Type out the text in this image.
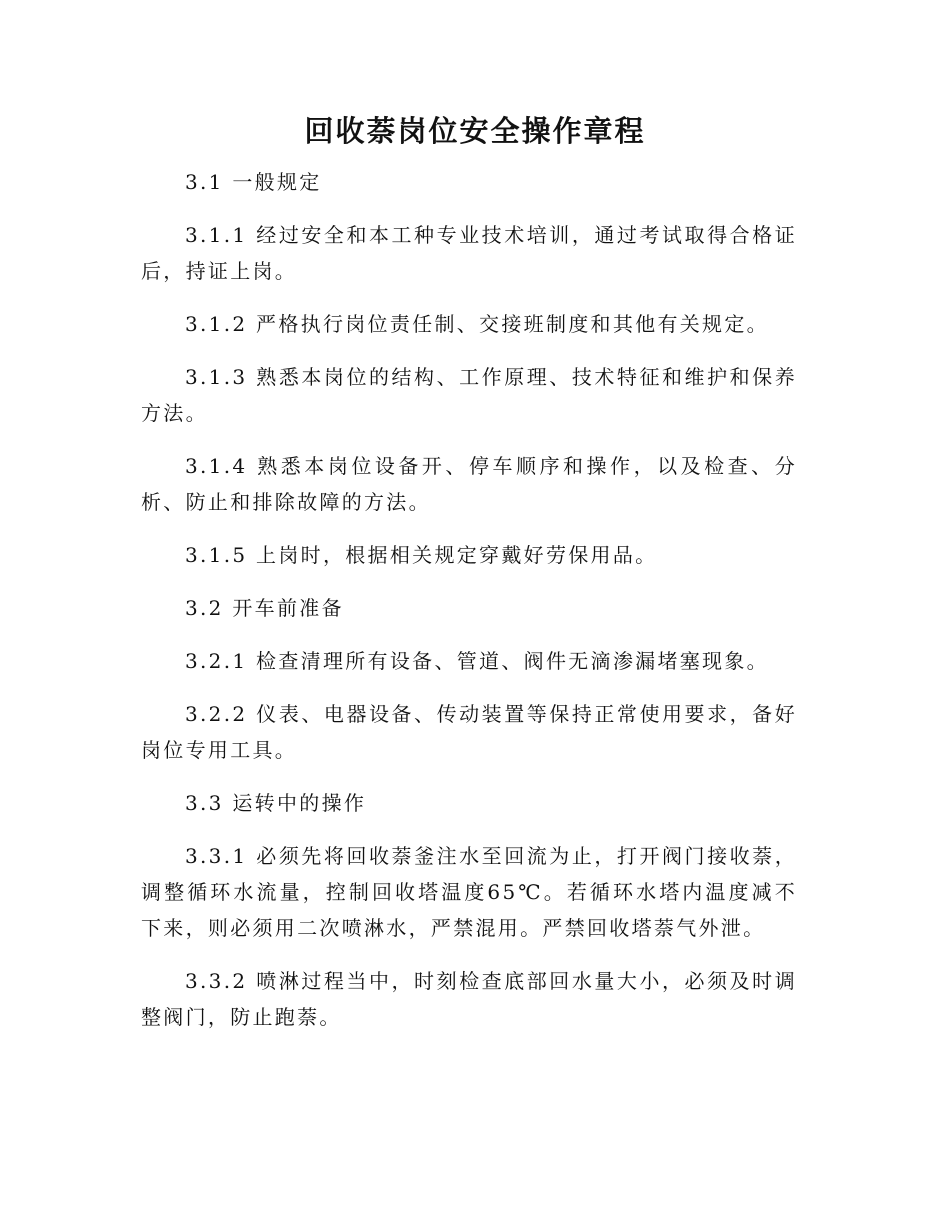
回收萘岗位安全操作章程

3.1 一般规定

3.1.1 经过安全和本工种专业技术培训，通过考试取得合格证后，持证上岗。

3.1.2 严格执行岗位责任制、交接班制度和其他有关规定。

3.1.3 熟悉本岗位的结构、工作原理、技术特征和维护和保养方法。

3.1.4 熟悉本岗位设备开、停车顺序和操作，以及检查、分析、防止和排除故障的方法。

3.1.5 上岗时，根据相关规定穿戴好劳保用品。

3.2 开车前准备

3.2.1 检查清理所有设备、管道、阀件无滴渗漏堵塞现象。

3.2.2 仪表、电器设备、传动装置等保持正常使用要求，备好岗位专用工具。

3.3 运转中的操作

3.3.1 必须先将回收萘釜注水至回流为止，打开阀门接收萘，调整循环水流量，控制回收塔温度65℃。若循环水塔内温度减不下来，则必须用二次喷淋水，严禁混用。严禁回收塔萘气外泄。

3.3.2 喷淋过程当中，时刻检查底部回水量大小，必须及时调整阀门，防止跑萘。
